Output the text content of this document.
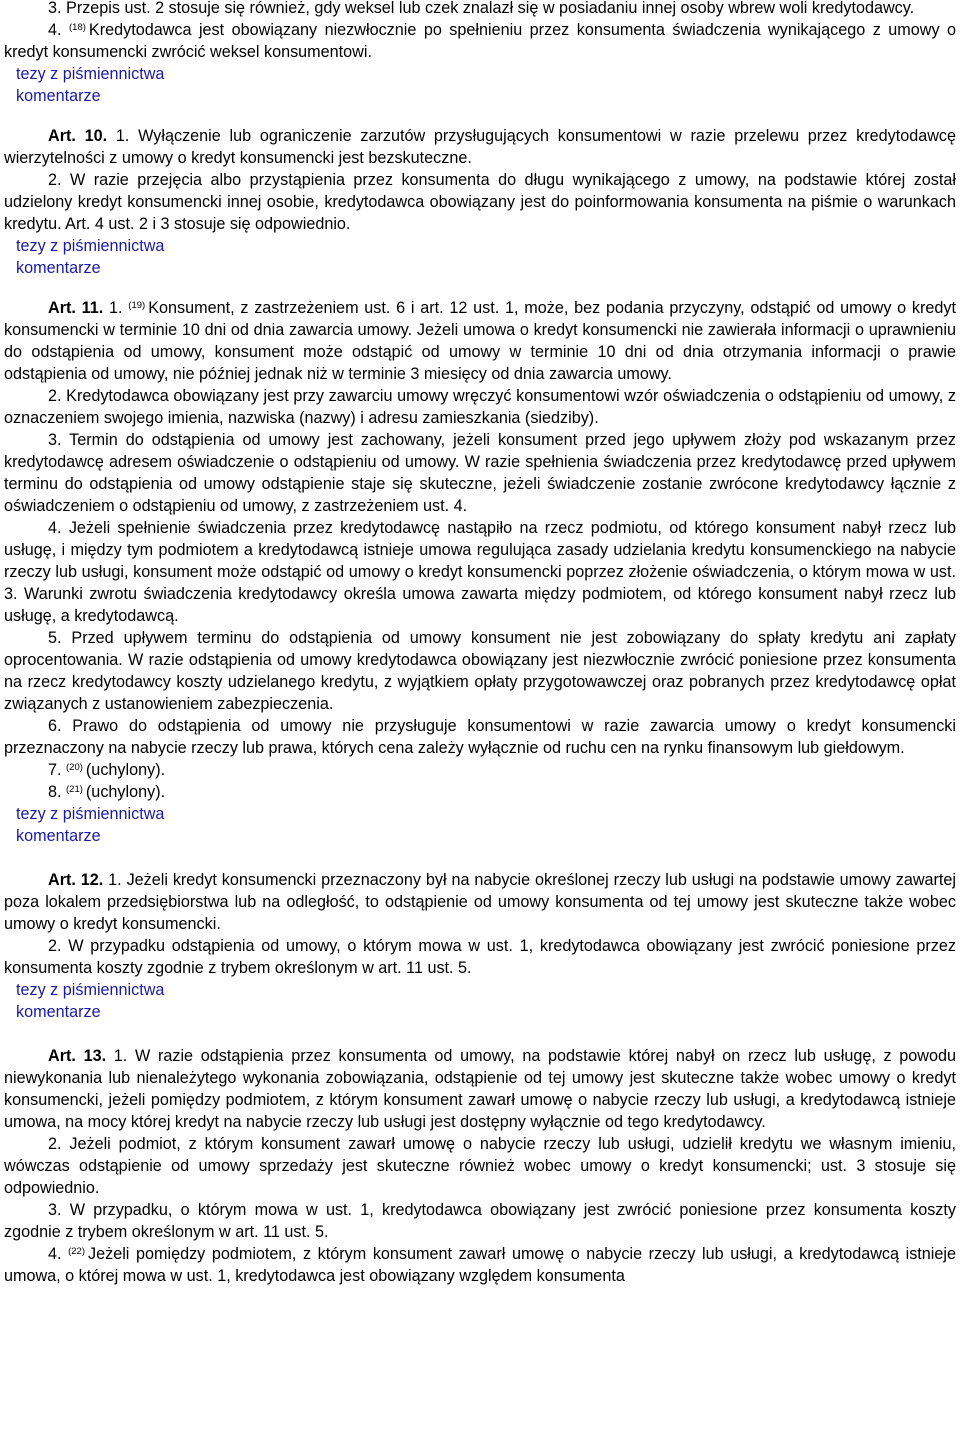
3. Przepis ust. 2 stosuje się również, gdy weksel lub czek znalazł się w posiadaniu innej osoby wbrew woli kredytodawcy.

4. $^{(18)}$ Kredytodawca jest obowiązany niezwłocznie po spełnieniu przez konsumenta świadczenia wynikającego z umowy o kredyt konsumencki zwrócić weksel konsumentowi.

tezy z piśmiennictwa
komentarze

Art. 10. 1. Wyłączenie lub ograniczenie zarzutów przysługujących konsumentowi w razie przelewu przez kredytodawcę wierzytelności z umowy o kredyt konsumencki jest bezskuteczne.

2. W razie przejęcia albo przystąpienia przez konsumenta do długu wynikającego z umowy, na podstawie której został udzielony kredyt konsumencki innej osobie, kredytodawca obowiązany jest do poinformowania konsumenta na piśmie o warunkach kredytu. Art. 4 ust. 2 i 3 stosuje się odpowiednio.

tezy z piśmiennictwa
komentarze

Art. 11. 1. $^{(19)}$ Konsument, z zastrzeżeniem ust. 6 i art. 12 ust. 1, może, bez podania przyczyny, odstąpić od umowy o kredyt konsumencki w terminie 10 dni od dnia zawarcia umowy. Jeżeli umowa o kredyt konsumencki nie zawierała informacji o uprawnieniu do odstąpienia od umowy, konsument może odstąpić od umowy w terminie 10 dni od dnia otrzymania informacji o prawie odstąpienia od umowy, nie później jednak niż w terminie 3 miesięcy od dnia zawarcia umowy.

2. Kredytodawca obowiązany jest przy zawarciu umowy wręczyć konsumentowi wzór oświadczenia o odstąpieniu od umowy, z oznaczeniem swojego imienia, nazwiska (nazwy) i adresu zamieszkania (siedziby).

3. Termin do odstąpienia od umowy jest zachowany, jeżeli konsument przed jego upływem złoży pod wskazanym przez kredytodawcę adresem oświadczenie o odstąpieniu od umowy. W razie spełnienia świadczenia przez kredytodawcę przed upływem terminu do odstąpienia od umowy odstąpienie staje się skuteczne, jeżeli świadczenie zostanie zwrócone kredytodawcy łącznie z oświadczeniem o odstąpieniu od umowy, z zastrzeżeniem ust. 4.

4. Jeżeli spełnienie świadczenia przez kredytodawcę nastąpiło na rzecz podmiotu, od którego konsument nabył rzecz lub usługę, i między tym podmiotem a kredytodawcą istnieje umowa regulująca zasady udzielania kredytu konsumenckiego na nabycie rzeczy lub usługi, konsument może odstąpić od umowy o kredyt konsumencki poprzez złożenie oświadczenia, o którym mowa w ust. 3. Warunki zwrotu świadczenia kredytodawcy określa umowa zawarta między podmiotem, od którego konsument nabył rzecz lub usługę, a kredytodawcą.

5. Przed upływem terminu do odstąpienia od umowy konsument nie jest zobowiązany do spłaty kredytu ani zapłaty oprocentowania. W razie odstąpienia od umowy kredytodawca obowiązany jest niezwłocznie zwrócić poniesione przez konsumenta na rzecz kredytodawcy koszty udzielanego kredytu, z wyjątkiem opłaty przygotowawczej oraz pobranych przez kredytodawcę opłat związanych z ustanowieniem zabezpieczenia.

6. Prawo do odstąpienia od umowy nie przysługuje konsumentowi w razie zawarcia umowy o kredyt konsumencki przeznaczony na nabycie rzeczy lub prawa, których cena zależy wyłącznie od ruchu cen na rynku finansowym lub giełdowym.

7. $^{(20)}$ (uchylony).

8. $^{(21)}$ (uchylony).

tezy z piśmiennictwa
komentarze

Art. 12. 1. Jeżeli kredyt konsumencki przeznaczony był na nabycie określonej rzeczy lub usługi na podstawie umowy zawartej poza lokalem przedsiębiorstwa lub na odległość, to odstąpienie od umowy konsumenta od tej umowy jest skuteczne także wobec umowy o kredyt konsumencki.

2. W przypadku odstąpienia od umowy, o którym mowa w ust. 1, kredytodawca obowiązany jest zwrócić poniesione przez konsumenta koszty zgodnie z trybem określonym w art. 11 ust. 5.

tezy z piśmiennictwa
komentarze

Art. 13. 1. W razie odstąpienia przez konsumenta od umowy, na podstawie której nabył on rzecz lub usługę, z powodu niewykonania lub nienależytego wykonania zobowiązania, odstąpienie od tej umowy jest skuteczne także wobec umowy o kredyt konsumencki, jeżeli pomiędzy podmiotem, z którym konsument zawarł umowę o nabycie rzeczy lub usługi, a kredytodawcą istnieje umowa, na mocy której kredyt na nabycie rzeczy lub usługi jest dostępny wyłącznie od tego kredytodawcy.

2. Jeżeli podmiot, z którym konsument zawarł umowę o nabycie rzeczy lub usługi, udzielił kredytu we własnym imieniu, wówczas odstąpienie od umowy sprzedaży jest skuteczne również wobec umowy o kredyt konsumencki; ust. 3 stosuje się odpowiednio.

3. W przypadku, o którym mowa w ust. 1, kredytodawca obowiązany jest zwrócić poniesione przez konsumenta koszty zgodnie z trybem określonym w art. 11 ust. 5.

4. $^{(22)}$ Jeżeli pomiędzy podmiotem, z którym konsument zawarł umowę o nabycie rzeczy lub usługi, a kredytodawcą istnieje umowa, o której mowa w ust. 1, kredytodawca jest obowiązany względem konsumenta
